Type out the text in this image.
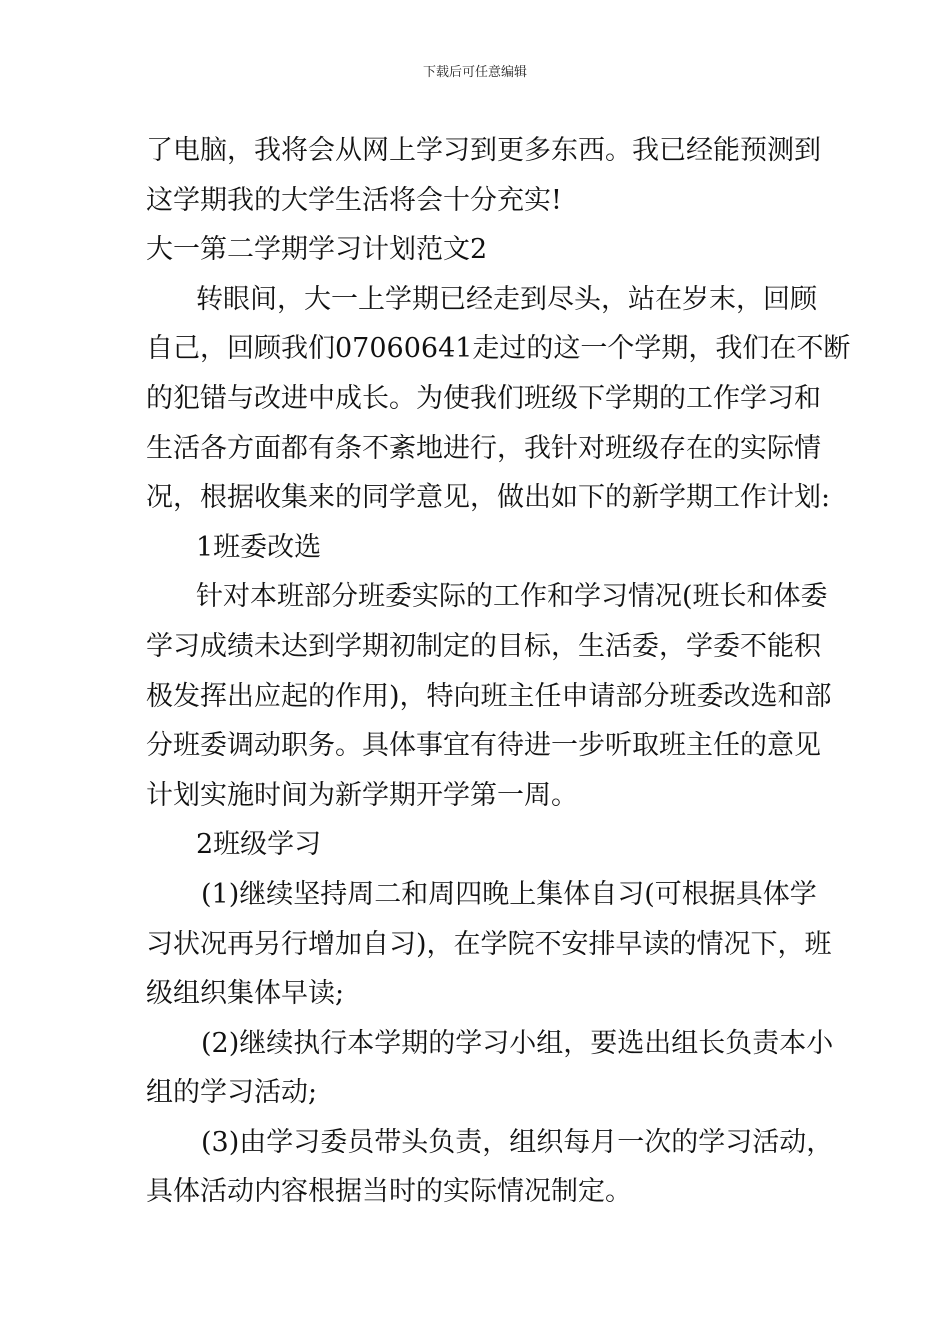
下载后可任意编辑

了电脑，我将会从网上学习到更多东西。我已经能预测到

这学期我的大学生活将会十分充实!

大一第二学期学习计划范文2

转眼间，大一上学期已经走到尽头，站在岁末，回顾

自己，回顾我们07060641走过的这一个学期，我们在不断

的犯错与改进中成长。为使我们班级下学期的工作学习和

生活各方面都有条不紊地进行，我针对班级存在的实际情

况，根据收集来的同学意见，做出如下的新学期工作计划:

1班委改选

针对本班部分班委实际的工作和学习情况(班长和体委

学习成绩未达到学期初制定的目标，生活委，学委不能积

极发挥出应起的作用)，特向班主任申请部分班委改选和部

分班委调动职务。具体事宜有待进一步听取班主任的意见

计划实施时间为新学期开学第一周。

2班级学习

(1)继续坚持周二和周四晚上集体自习(可根据具体学

习状况再另行增加自习)，在学院不安排早读的情况下，班

级组织集体早读;

(2)继续执行本学期的学习小组，要选出组长负责本小

组的学习活动;

(3)由学习委员带头负责，组织每月一次的学习活动，

具体活动内容根据当时的实际情况制定。
